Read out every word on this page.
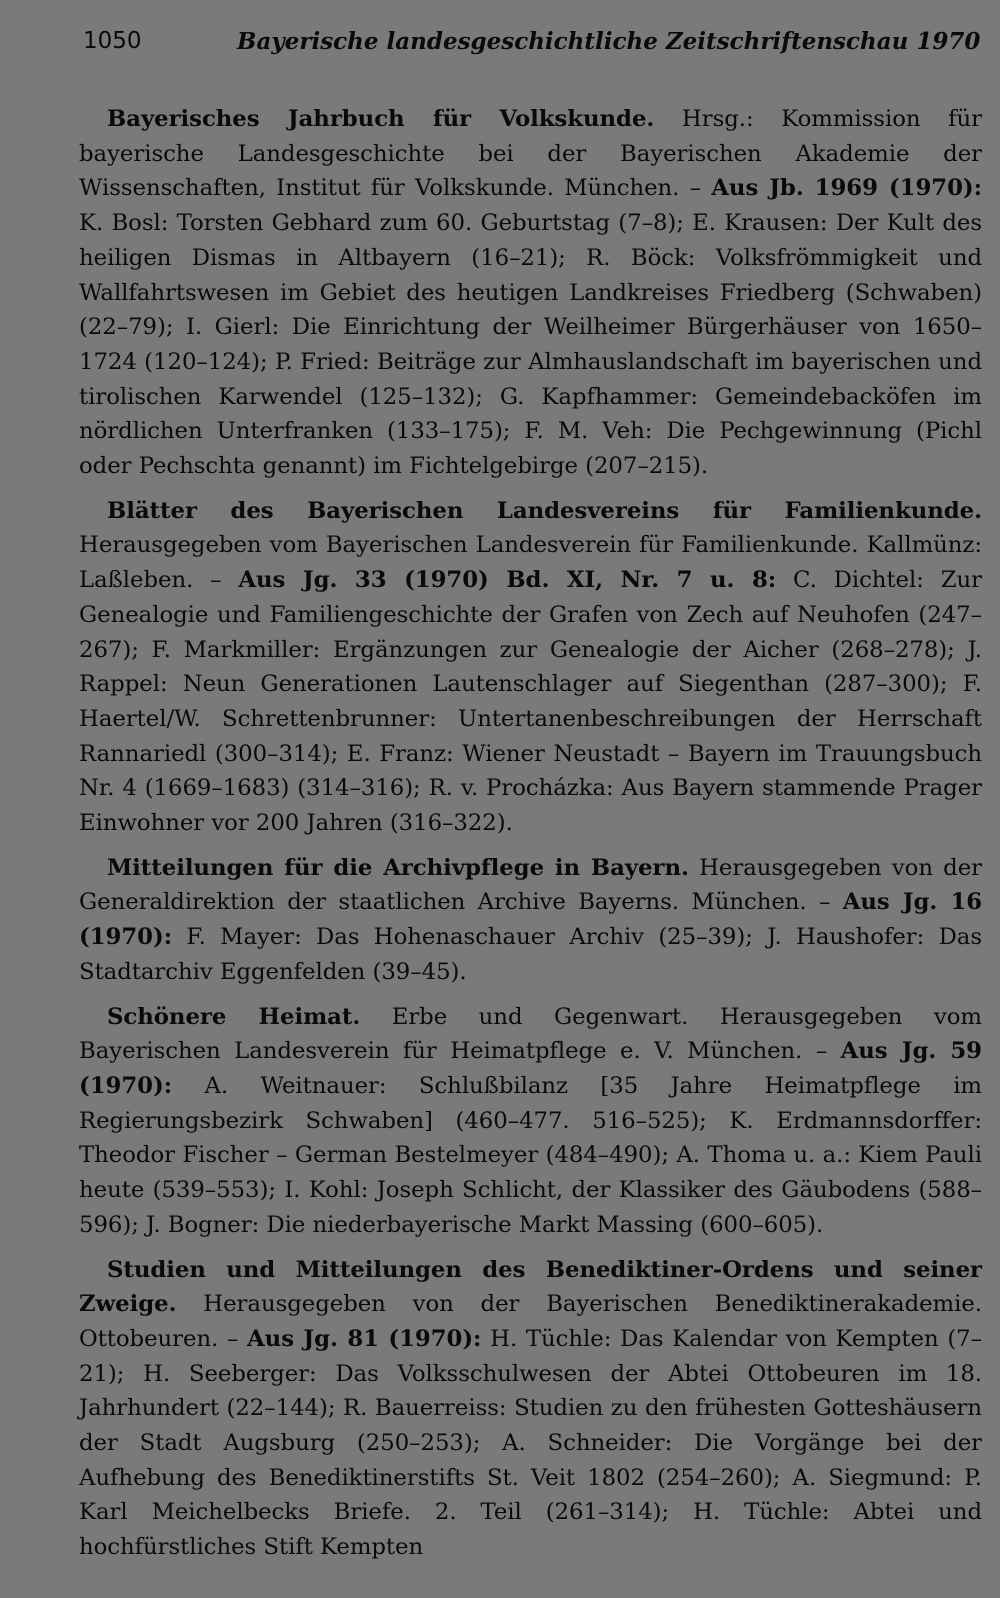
1050	Bayerische landesgeschichtliche Zeitschriftenschau 1970

Bayerisches Jahrbuch für Volkskunde. Hrsg.: Kommission für bayerische Landesgeschichte bei der Bayerischen Akademie der Wissenschaften, Institut für Volkskunde. München. – Aus Jb. 1969 (1970): K. Bosl: Torsten Gebhard zum 60. Geburtstag (7–8); E. Krausen: Der Kult des heiligen Dismas in Altbayern (16–21); R. Böck: Volksfrömmigkeit und Wallfahrtswesen im Gebiet des heutigen Landkreises Friedberg (Schwaben) (22–79); I. Gierl: Die Einrichtung der Weilheimer Bürgerhäuser von 1650–1724 (120–124); P. Fried: Beiträge zur Almhauslandschaft im bayerischen und tirolischen Karwendel (125–132); G. Kapfhammer: Gemeindebacköfen im nördlichen Unterfranken (133–175); F. M. Veh: Die Pechgewinnung (Pichl oder Pechschta genannt) im Fichtelgebirge (207–215).

Blätter des Bayerischen Landesvereins für Familienkunde. Herausgegeben vom Bayerischen Landesverein für Familienkunde. Kallmünz: Laßleben. – Aus Jg. 33 (1970) Bd. XI, Nr. 7 u. 8: C. Dichtel: Zur Genealogie und Familiengeschichte der Grafen von Zech auf Neuhofen (247–267); F. Markmiller: Ergänzungen zur Genealogie der Aicher (268–278); J. Rappel: Neun Generationen Lautenschlager auf Siegenthan (287–300); F. Haertel/W. Schrettenbrunner: Untertanenbeschreibungen der Herrschaft Rannariedl (300–314); E. Franz: Wiener Neustadt – Bayern im Trauungsbuch Nr. 4 (1669–1683) (314–316); R. v. Procházka: Aus Bayern stammende Prager Einwohner vor 200 Jahren (316–322).

Mitteilungen für die Archivpflege in Bayern. Herausgegeben von der Generaldirektion der staatlichen Archive Bayerns. München. – Aus Jg. 16 (1970): F. Mayer: Das Hohenaschauer Archiv (25–39); J. Haushofer: Das Stadtarchiv Eggenfelden (39–45).

Schönere Heimat. Erbe und Gegenwart. Herausgegeben vom Bayerischen Landesverein für Heimatpflege e. V. München. – Aus Jg. 59 (1970): A. Weitnauer: Schlußbilanz [35 Jahre Heimatpflege im Regierungsbezirk Schwaben] (460–477. 516–525); K. Erdmannsdorffer: Theodor Fischer – German Bestelmeyer (484–490); A. Thoma u. a.: Kiem Pauli heute (539–553); I. Kohl: Joseph Schlicht, der Klassiker des Gäubodens (588–596); J. Bogner: Die niederbayerische Markt Massing (600–605).

Studien und Mitteilungen des Benediktiner-Ordens und seiner Zweige. Herausgegeben von der Bayerischen Benediktinerakademie. Ottobeuren. – Aus Jg. 81 (1970): H. Tüchle: Das Kalendar von Kempten (7–21); H. Seeberger: Das Volksschulwesen der Abtei Ottobeuren im 18. Jahrhundert (22–144); R. Bauerreiss: Studien zu den frühesten Gotteshäusern der Stadt Augsburg (250–253); A. Schneider: Die Vorgänge bei der Aufhebung des Benediktinerstifts St. Veit 1802 (254–260); A. Siegmund: P. Karl Meichelbecks Briefe. 2. Teil (261–314); H. Tüchle: Abtei und hochfürstliches Stift Kempten
